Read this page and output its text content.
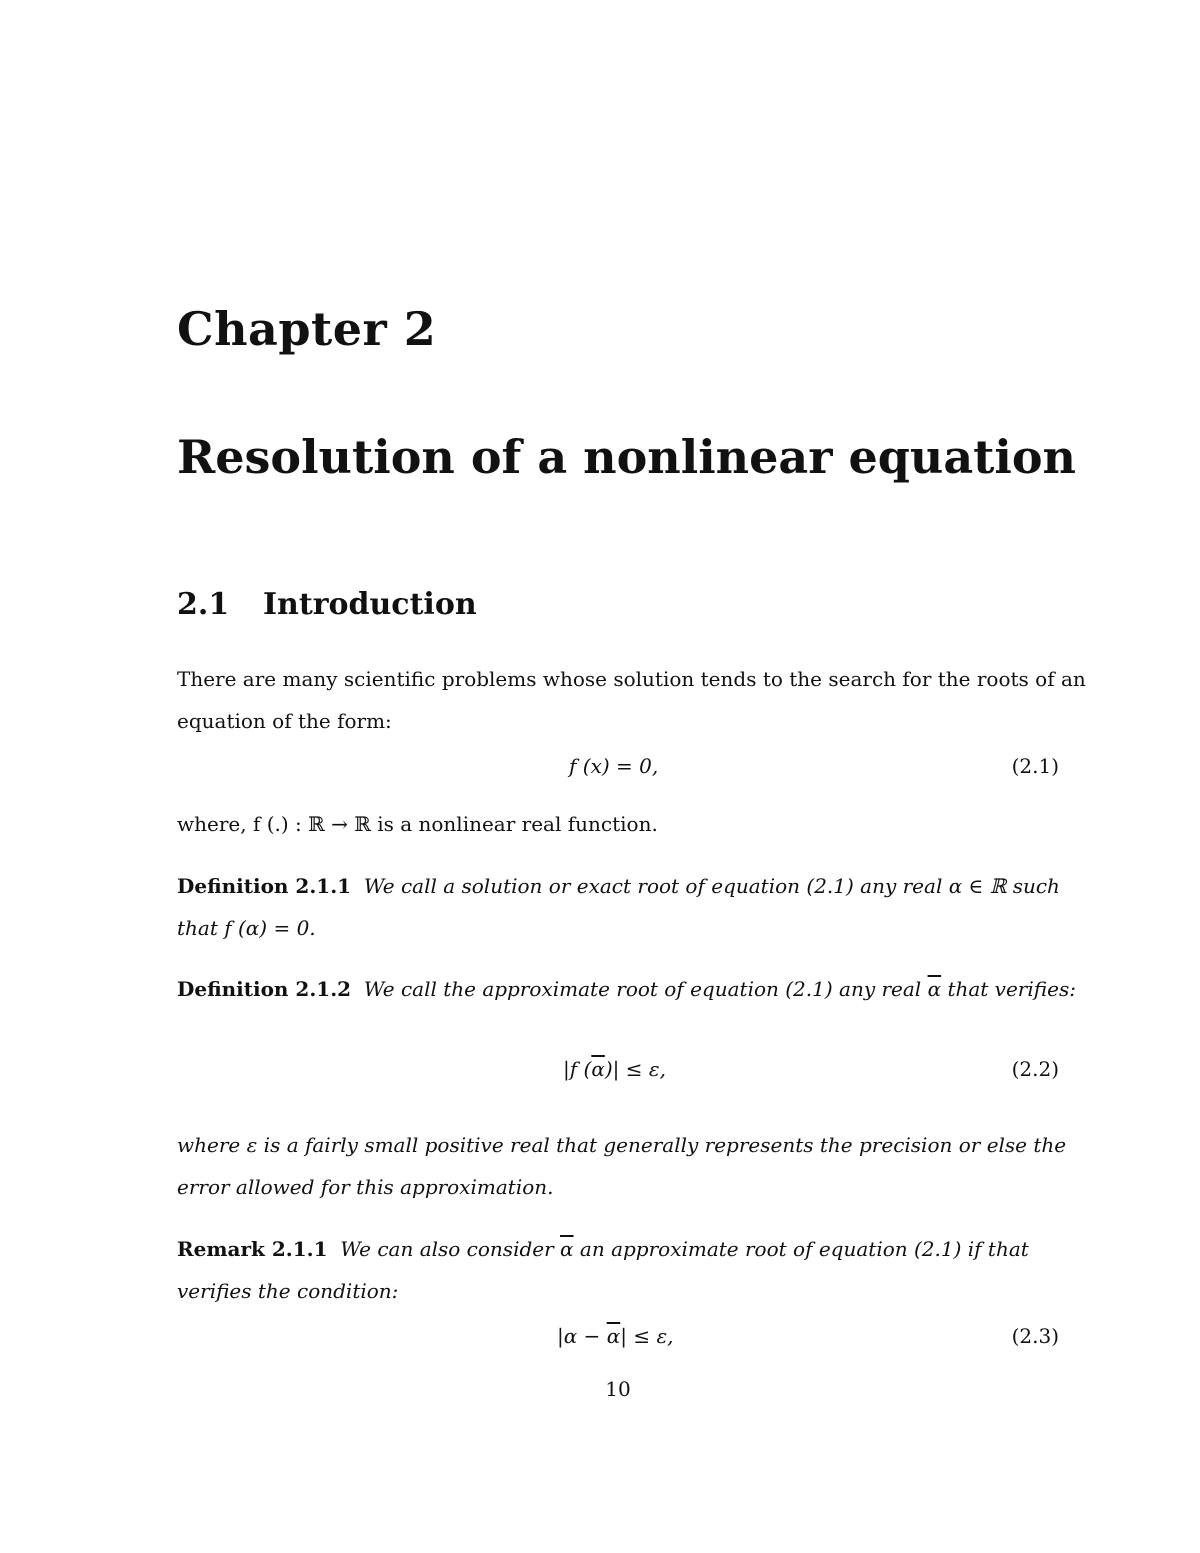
Chapter 2
Resolution of a nonlinear equation
2.1 Introduction
There are many scientific problems whose solution tends to the search for the roots of an
equation of the form:
f (x) = 0,	(2.1)
where, f (.) : ℝ → ℝ is a nonlinear real function.
Definition 2.1.1 We call a solution or exact root of equation (2.1) any real α ∈ ℝ such
that f (α) = 0.
Definition 2.1.2 We call the approximate root of equation (2.1) any real $\overline{\alpha}$ that verifies:
|f $(\overline{\alpha})| \le \varepsilon$,	(2.2)
where ε is a fairly small positive real that generally represents the precision or else the
error allowed for this approximation.
Remark 2.1.1 We can also consider $\overline{\alpha}$ an approximate root of equation (2.1) if that
verifies the condition:
$|\alpha - \overline{\alpha}| \le \varepsilon$,	(2.3)
10
